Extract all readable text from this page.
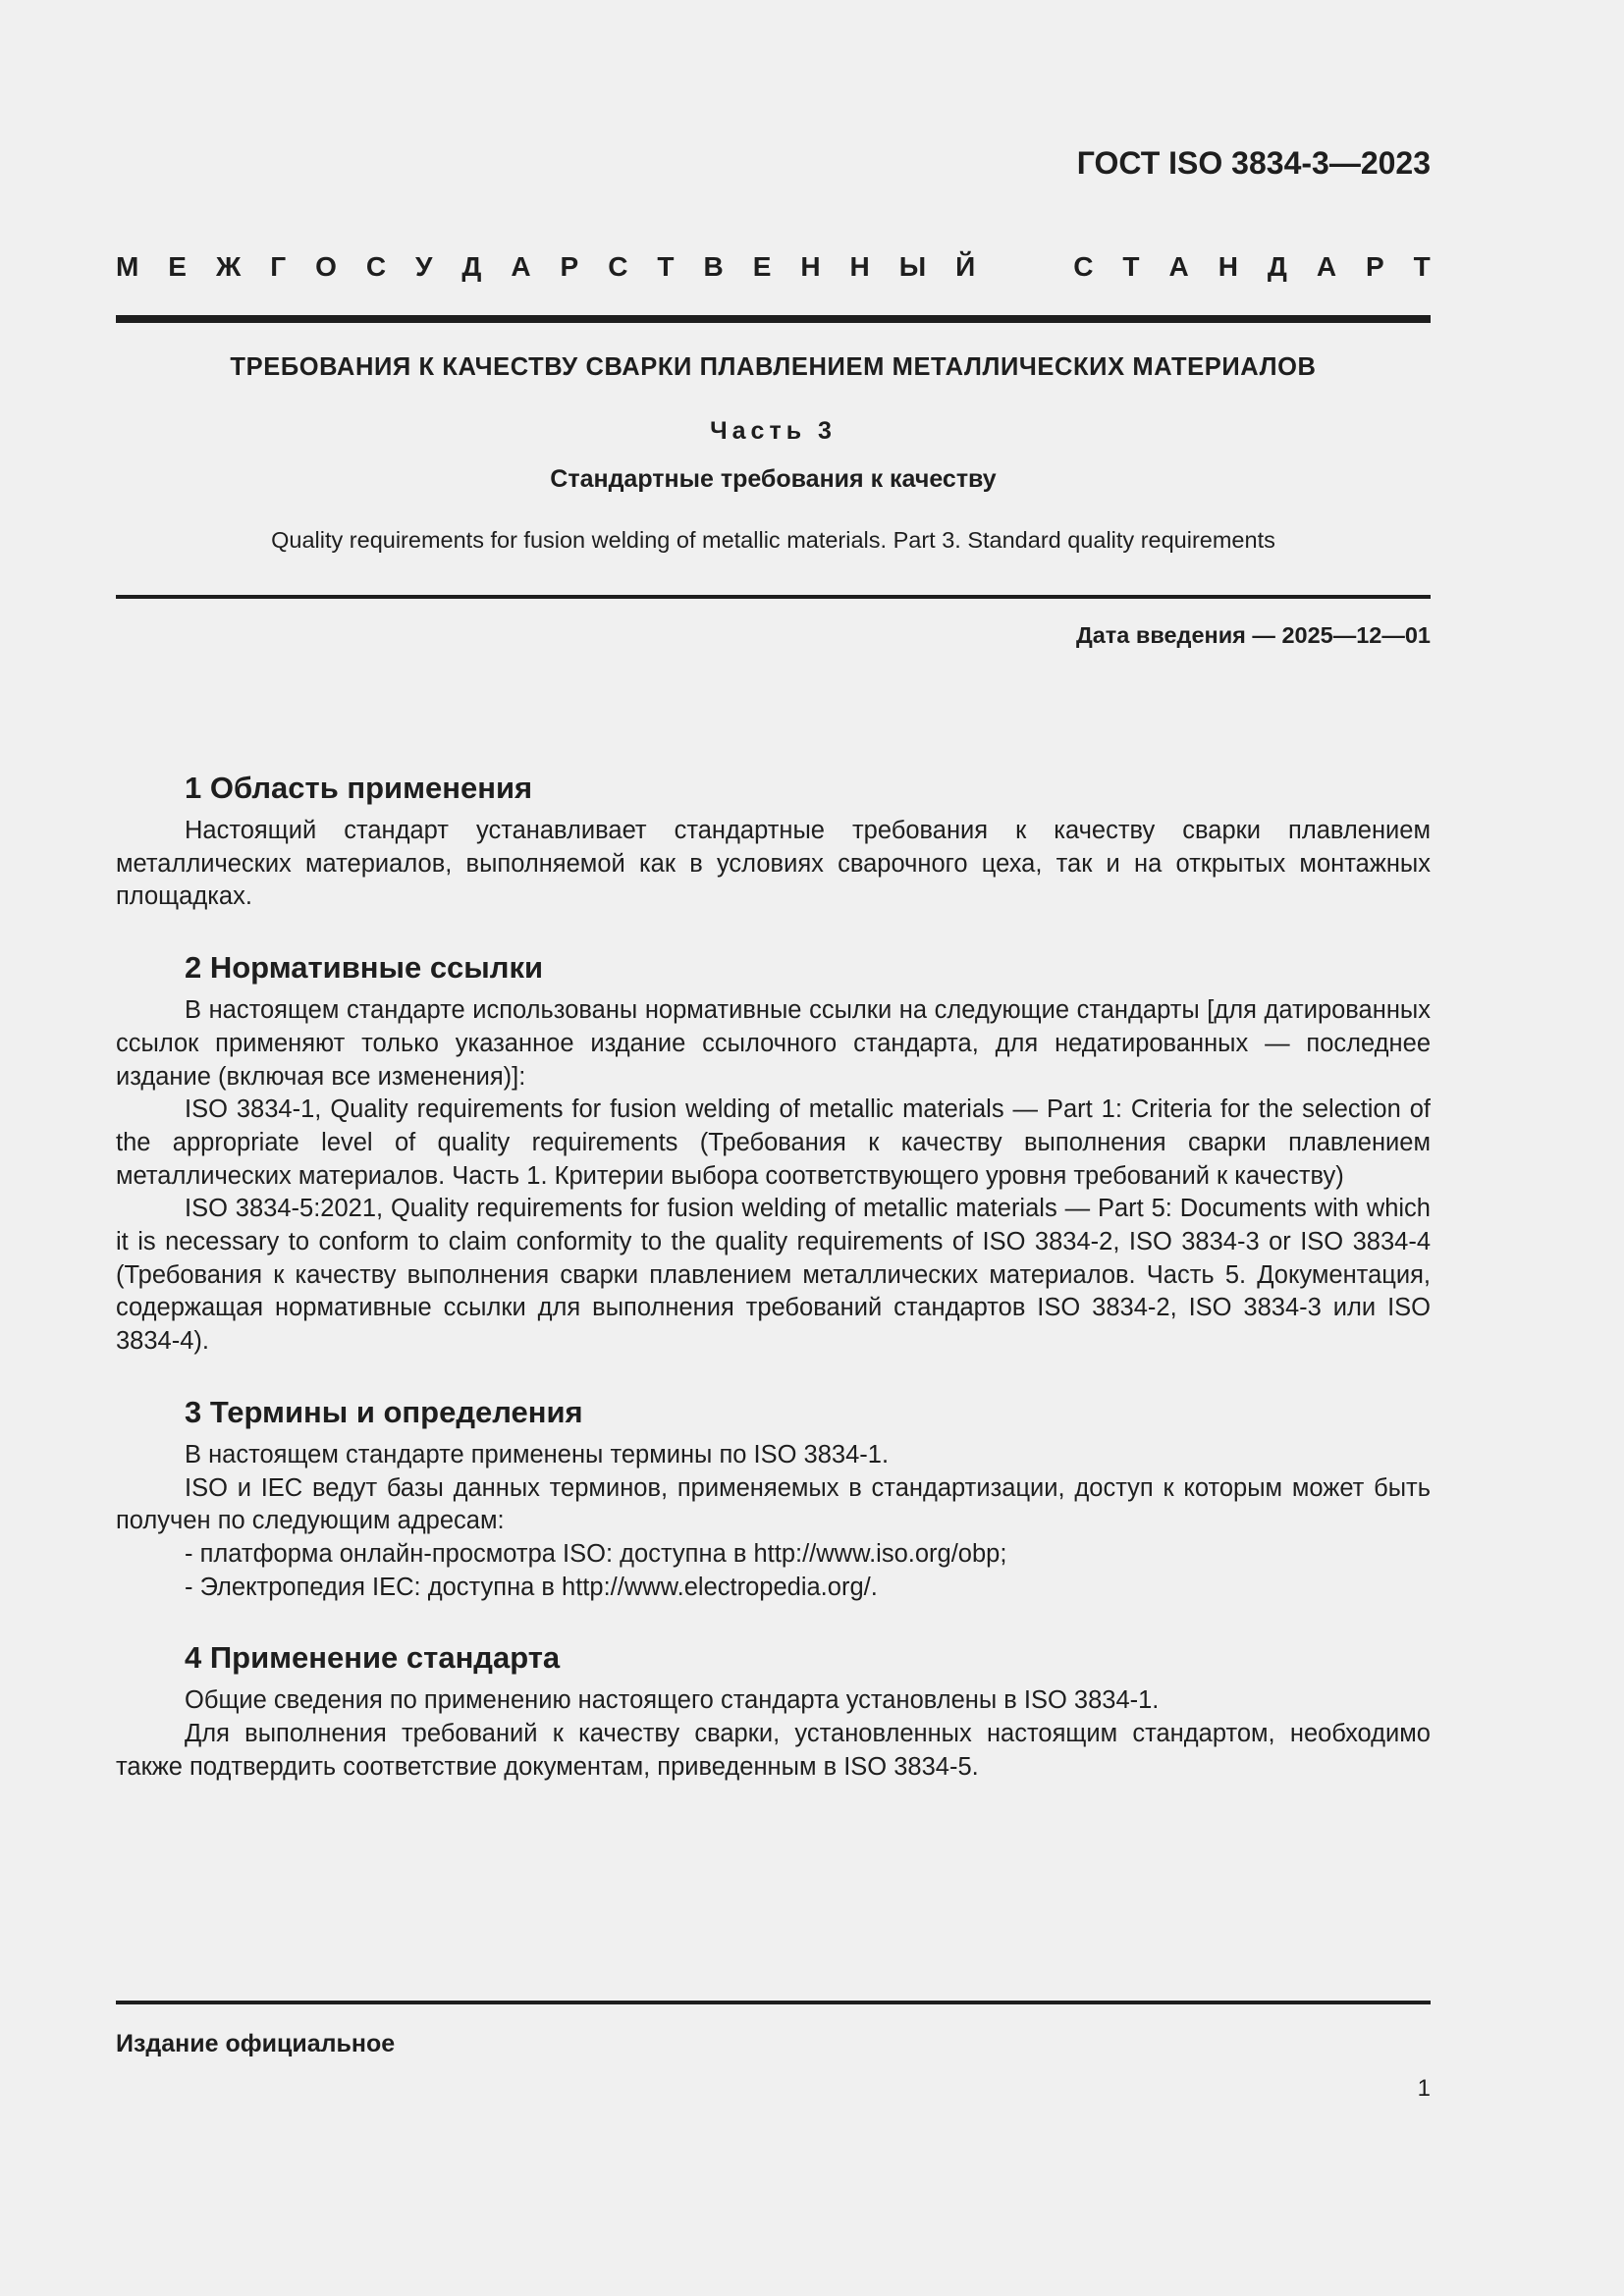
ГОСТ ISO 3834-3—2023
М Е Ж Г О С У Д А Р С Т В Е Н Н Ы Й	С Т А Н Д А Р Т
ТРЕБОВАНИЯ К КАЧЕСТВУ СВАРКИ ПЛАВЛЕНИЕМ МЕТАЛЛИЧЕСКИХ МАТЕРИАЛОВ
Часть 3
Стандартные требования к качеству
Quality requirements for fusion welding of metallic materials. Part 3. Standard quality requirements
Дата введения — 2025—12—01
1 Область применения

Настоящий стандарт устанавливает стандартные требования к качеству сварки плавлением металлических материалов, выполняемой как в условиях сварочного цеха, так и на открытых монтажных площадках.

2 Нормативные ссылки

В настоящем стандарте использованы нормативные ссылки на следующие стандарты [для датированных ссылок применяют только указанное издание ссылочного стандарта, для недатированных — последнее издание (включая все изменения)]:

ISO 3834-1, Quality requirements for fusion welding of metallic materials — Part 1: Criteria for the selection of the appropriate level of quality requirements (Требования к качеству выполнения сварки плавлением металлических материалов. Часть 1. Критерии выбора соответствующего уровня требований к качеству)

ISO 3834-5:2021, Quality requirements for fusion welding of metallic materials — Part 5: Documents with which it is necessary to conform to claim conformity to the quality requirements of ISO 3834-2, ISO 3834-3 or ISO 3834-4 (Требования к качеству выполнения сварки плавлением металлических материалов. Часть 5. Документация, содержащая нормативные ссылки для выполнения требований стандартов ISO 3834-2, ISO 3834-3 или ISO 3834-4).

3 Термины и определения

В настоящем стандарте применены термины по ISO 3834-1.

ISO и IEC ведут базы данных терминов, применяемых в стандартизации, доступ к которым может быть получен по следующим адресам:

- платформа онлайн-просмотра ISO: доступна в http://www.iso.org/obp;

- Электропедия IEC: доступна в http://www.electropedia.org/.

4 Применение стандарта

Общие сведения по применению настоящего стандарта установлены в ISO 3834-1.

Для выполнения требований к качеству сварки, установленных настоящим стандартом, необходимо также подтвердить соответствие документам, приведенным в ISO 3834-5.

Издание официальное
1
